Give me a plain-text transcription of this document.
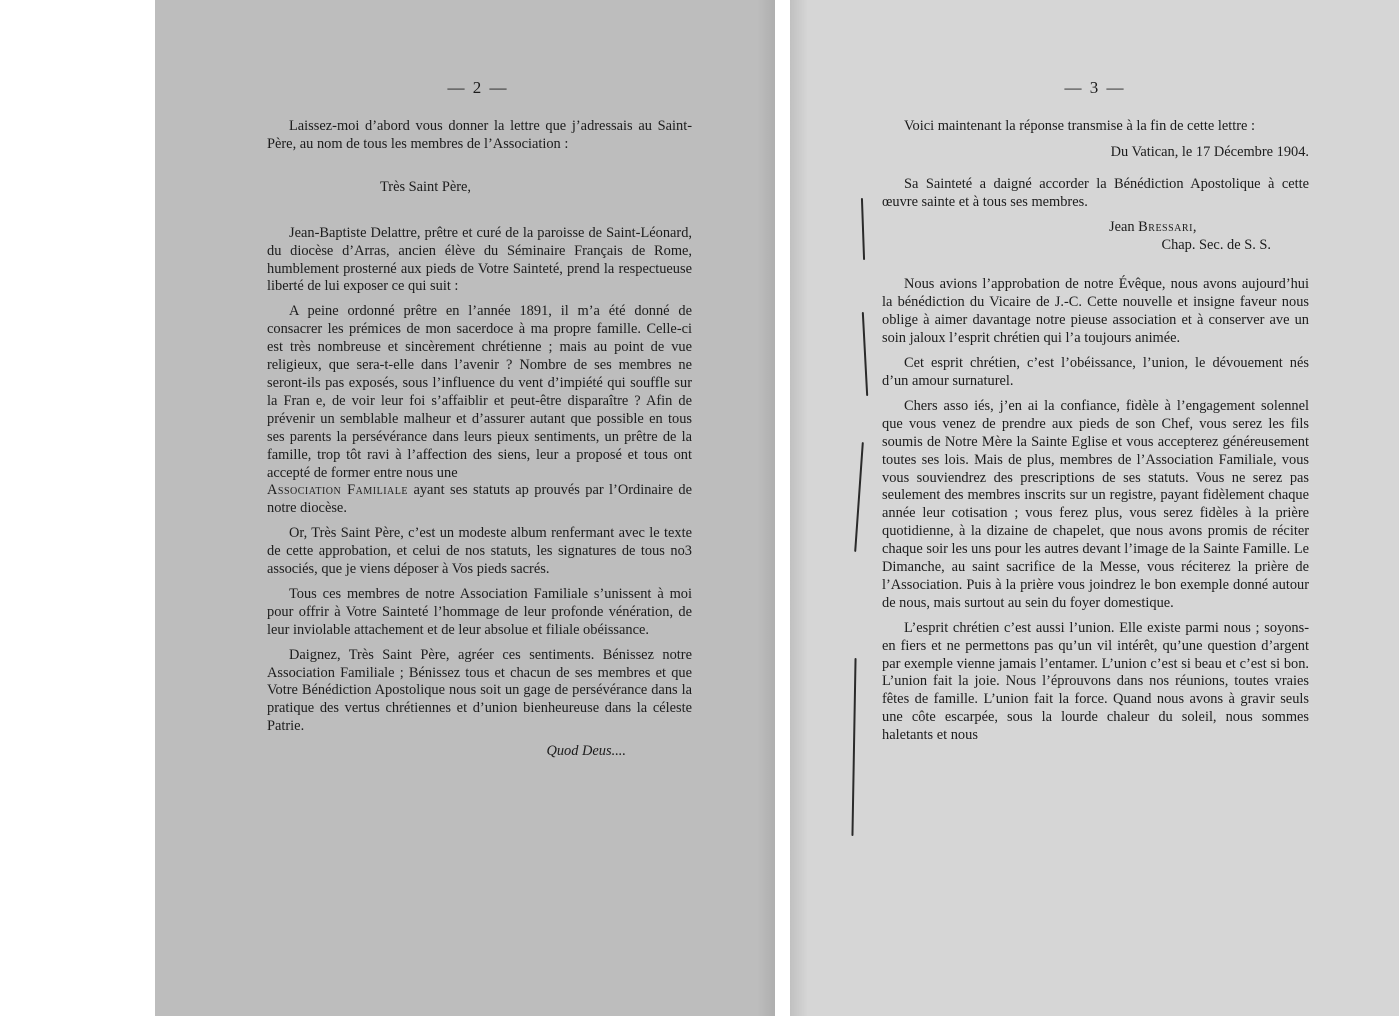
— 2 —

Laissez-moi d’abord vous donner la lettre que j’adressais au Saint-Père, au nom de tous les membres de l’Association :

Très Saint Père,

Jean-Baptiste Delattre, prêtre et curé de la paroisse de Saint-Léonard, du diocèse d’Arras, ancien élève du Séminaire Français de Rome, humblement prosterné aux pieds de Votre Sainteté, prend la respectueuse liberté de lui exposer ce qui suit :

A peine ordonné prêtre en l’année 1891, il m’a été donné de consacrer les prémices de mon sacerdoce à ma propre famille. Celle-ci est très nombreuse et sincèrement chrétienne ; mais au point de vue religieux, que sera-t-elle dans l’avenir ? Nombre de ses membres ne seront-ils pas exposés, sous l’influence du vent d’impiété qui souffle sur la Fran e, de voir leur foi s’affaiblir et peut-être disparaître ? Afin de prévenir un semblable malheur et d’assurer autant que possible en tous ses parents la persévérance dans leurs pieux sentiments, un prêtre de la famille, trop tôt ravi à l’affection des siens, leur a proposé et tous ont accepté de former entre nous une

Association Familiale ayant ses statuts ap prouvés par l’Ordinaire de notre diocèse.

Or, Très Saint Père, c’est un modeste album renfermant avec le texte de cette approbation, et celui de nos statuts, les signatures de tous no3 associés, que je viens déposer à Vos pieds sacrés.

Tous ces membres de notre Association Familiale s’unissent à moi pour offrir à Votre Sainteté l’hommage de leur profonde vénération, de leur inviolable attachement et de leur absolue et filiale obéissance.

Daignez, Très Saint Père, agréer ces sentiments. Bénissez notre Association Familiale ; Bénissez tous et chacun de ses membres et que Votre Bénédiction Apostolique nous soit un gage de persévérance dans la pratique des vertus chrétiennes et d’union bienheureuse dans la céleste Patrie.

Quod Deus....

— 3 —

Voici maintenant la réponse transmise à la fin de cette lettre :

Du Vatican, le 17 Décembre 1904.

Sa Sainteté a daigné accorder la Bénédiction Apostolique à cette œuvre sainte et à tous ses membres.

Jean Bressari,

Chap. Sec. de S. S.

Nous avions l’approbation de notre Évêque, nous avons aujourd’hui la bénédiction du Vicaire de J.-C. Cette nouvelle et insigne faveur nous oblige à aimer davantage notre pieuse association et à conserver ave un soin jaloux l’esprit chrétien qui l’a toujours animée.

Cet esprit chrétien, c’est l’obéissance, l’union, le dévouement nés d’un amour surnaturel.

Chers asso iés, j’en ai la confiance, fidèle à l’engagement solennel que vous venez de prendre aux pieds de son Chef, vous serez les fils soumis de Notre Mère la Sainte Eglise et vous accepterez généreusement toutes ses lois. Mais de plus, membres de l’Association Familiale, vous vous souviendrez des prescriptions de ses statuts. Vous ne serez pas seulement des membres inscrits sur un registre, payant fidèlement chaque année leur cotisation ; vous ferez plus, vous serez fidèles à la prière quotidienne, à la dizaine de chapelet, que nous avons promis de réciter chaque soir les uns pour les autres devant l’image de la Sainte Famille. Le Dimanche, au saint sacrifice de la Messe, vous réciterez la prière de l’Association. Puis à la prière vous joindrez le bon exemple donné autour de nous, mais surtout au sein du foyer domestique.

L’esprit chrétien c’est aussi l’union. Elle existe parmi nous ; soyons-en fiers et ne permettons pas qu’un vil intérêt, qu’une question d’argent par exemple vienne jamais l’entamer. L’union c’est si beau et c’est si bon. L’union fait la joie. Nous l’éprouvons dans nos réunions, toutes vraies fêtes de famille. L’union fait la force. Quand nous avons à gravir seuls une côte escarpée, sous la lourde chaleur du soleil, nous sommes haletants et nous
